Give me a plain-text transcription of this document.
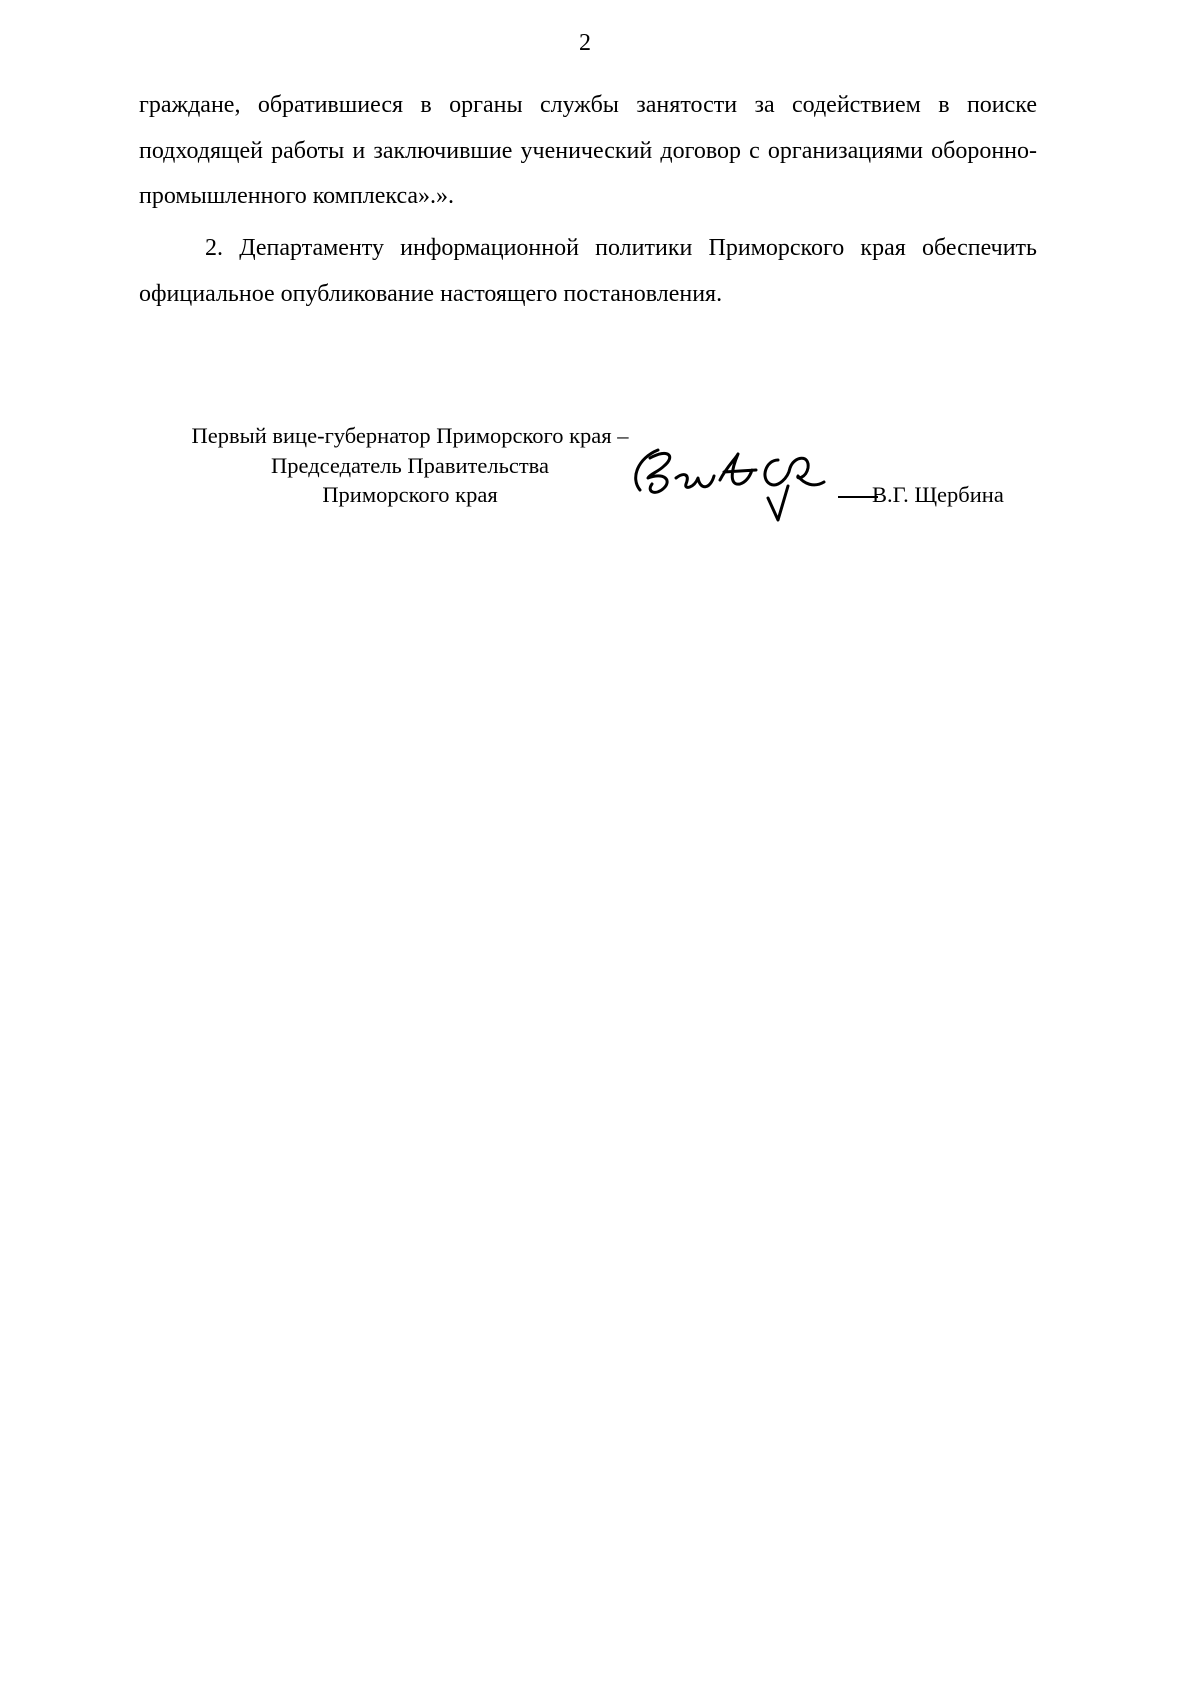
2
граждане, обратившиеся в органы службы занятости за содействием в поиске подходящей работы и заключившие ученический договор с организациями оборонно-промышленного комплекса».».
2. Департаменту информационной политики Приморского края обеспечить официальное опубликование настоящего постановления.
Первый вице-губернатор Приморского края –
Председатель Правительства
Приморского края	В.Г. Щербина
